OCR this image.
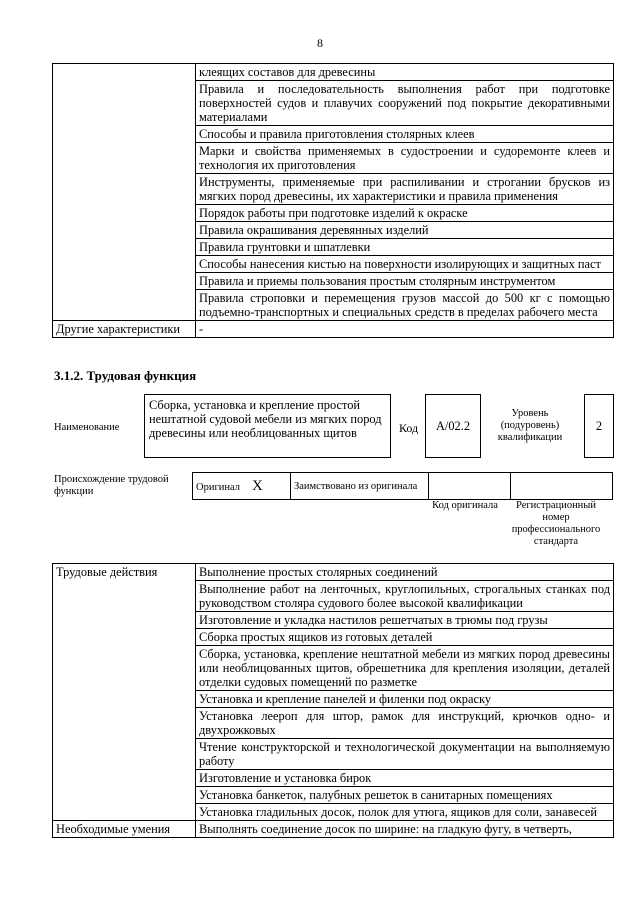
8
	клеящих составов для древесины
	Правила и последовательность выполнения работ при подготовке поверхностей судов и плавучих сооружений под покрытие декоративными материалами
	Способы и правила приготовления столярных клеев
	Марки и свойства применяемых в судостроении и судоремонте клеев и технология их приготовления
	Инструменты, применяемые при распиливании и строгании брусков из мягких пород древесины, их характеристики и правила применения
	Порядок работы при подготовке изделий к окраске
	Правила окрашивания деревянных изделий
	Правила грунтовки и шпатлевки
	Способы нанесения кистью на поверхности изолирующих и защитных паст
	Правила и приемы пользования простым столярным инструментом
	Правила строповки и перемещения грузов массой до 500 кг с помощью подъемно-транспортных и специальных средств в пределах рабочего места
Другие характеристики	-
3.1.2. Трудовая функция
Наименование
Сборка, установка и крепление простой нештатной судовой мебели из мягких пород древесины или необлицованных щитов	Код	А/02.2
Уровень (подуровень) квалификации
2
Происхождение трудовой функции	Оригинал Х	Заимствовано из оригинала		
Код оригинала	Регистрационный номер профессионального стандарта
Трудовые действия	Выполнение простых столярных соединений
	Выполнение работ на ленточных, круглопильных, строгальных станках под руководством столяра судового более высокой квалификации
	Изготовление и укладка настилов решетчатых в трюмы под грузы
	Сборка простых ящиков из готовых деталей
	Сборка, установка, крепление нештатной мебели из мягких пород древесины или необлицованных щитов, обрешетника для крепления изоляции, деталей отделки судовых помещений по разметке
	Установка и крепление панелей и филенки под окраску
	Установка леероп для штор, рамок для инструкций, крючков одно- и двухрожковых
	Чтение конструкторской и технологической документации на выполняемую работу
	Изготовление и установка бирок
	Установка банкеток, палубных решеток в санитарных помещениях
	Установка гладильных досок, полок для утюга, ящиков для соли, занавесей
Необходимые умения	Выполнять соединение досок по ширине: на гладкую фугу, в четверть,
